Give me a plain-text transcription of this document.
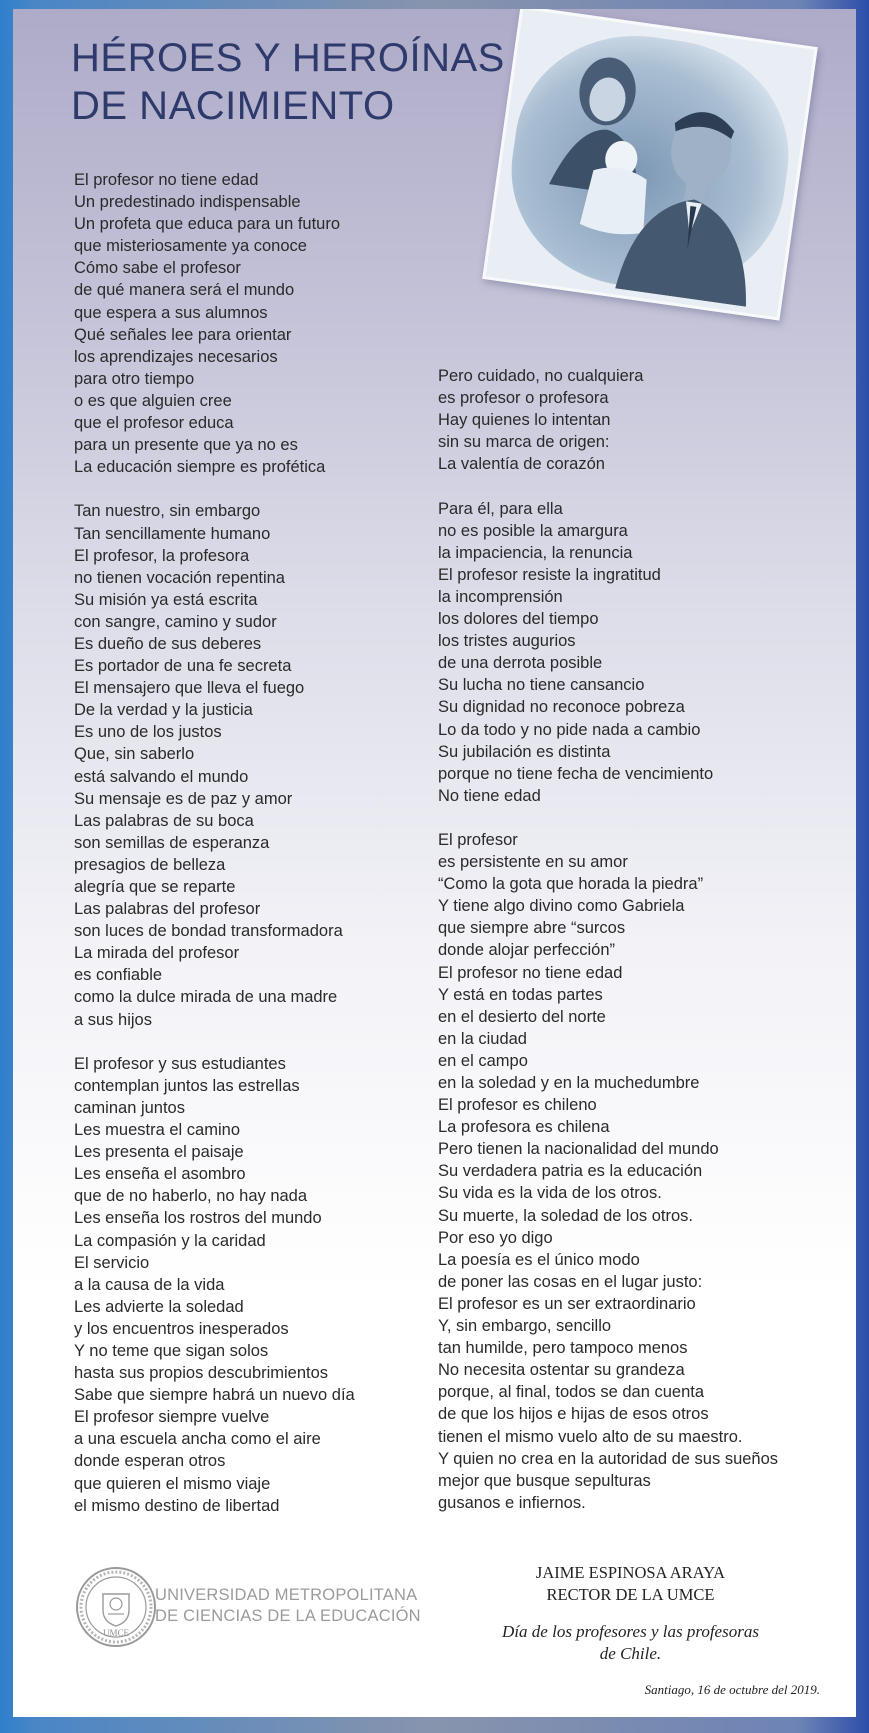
HÉROES Y HEROÍNAS
DE NACIMIENTO
El profesor no tiene edad
Un predestinado indispensable
Un profeta que educa para un futuro
que misteriosamente ya conoce
Cómo sabe el profesor
de qué manera será el mundo
que espera a sus alumnos
Qué señales lee para orientar
los aprendizajes necesarios
para otro tiempo
o es que alguien cree
que el profesor educa
para un presente que ya no es
La educación siempre es profética
Tan nuestro, sin embargo
Tan sencillamente humano
El profesor, la profesora
no tienen vocación repentina
Su misión ya está escrita
con sangre, camino y sudor
Es dueño de sus deberes
Es portador de una fe secreta
El mensajero que lleva el fuego
De la verdad y la justicia
Es uno de los justos
Que, sin saberlo
está salvando el mundo
Su mensaje es de paz y amor
Las palabras de su boca
son semillas de esperanza
presagios de belleza
alegría que se reparte
Las palabras del profesor
son luces de bondad transformadora
La mirada del profesor
es confiable
como la dulce mirada de una madre
a sus hijos
El profesor y sus estudiantes
contemplan juntos las estrellas
caminan juntos
Les muestra el camino
Les presenta el paisaje
Les enseña el asombro
que de no haberlo, no hay nada
Les enseña los rostros del mundo
La compasión y la caridad
El servicio
a la causa de la vida
Les advierte la soledad
y los encuentros inesperados
Y no teme que sigan solos
hasta sus propios descubrimientos
Sabe que siempre habrá un nuevo día
El profesor siempre vuelve
a una escuela ancha como el aire
donde esperan otros
que quieren el mismo viaje
el mismo destino de libertad
Pero cuidado, no cualquiera
es profesor o profesora
Hay quienes lo intentan
sin su marca de origen:
La valentía de corazón
Para él, para ella
no es posible la amargura
la impaciencia, la renuncia
El profesor resiste la ingratitud
la incomprensión
los dolores del tiempo
los tristes augurios
de una derrota posible
Su lucha no tiene cansancio
Su dignidad no reconoce pobreza
Lo da todo y no pide nada a cambio
Su jubilación es distinta
porque no tiene fecha de vencimiento
No tiene edad
El profesor
es persistente en su amor
“Como la gota que horada la piedra”
Y tiene algo divino como Gabriela
que siempre abre “surcos
donde alojar perfección”
El profesor no tiene edad
Y está en todas partes
en el desierto del norte
en la ciudad
en el campo
en la soledad y en la muchedumbre
El profesor es chileno
La profesora es chilena
Pero tienen la nacionalidad del mundo
Su verdadera patria es la educación
Su vida es la vida de los otros.
Su muerte, la soledad de los otros.
Por eso yo digo
La poesía es el único modo
de poner las cosas en el lugar justo:
El profesor es un ser extraordinario
Y, sin embargo, sencillo
tan humilde, pero tampoco menos
No necesita ostentar su grandeza
porque, al final, todos se dan cuenta
de que los hijos e hijas de esos otros
tienen el mismo vuelo alto de su maestro.
Y quien no crea en la autoridad de sus sueños
mejor que busque sepulturas
gusanos e infiernos.
UMCE
UNIVERSIDAD METROPOLITANA
DE CIENCIAS DE LA EDUCACIÓN
JAIME ESPINOSA ARAYA
RECTOR DE LA UMCE
Día de los profesores y las profesoras
de Chile.
Santiago, 16 de octubre del 2019.
